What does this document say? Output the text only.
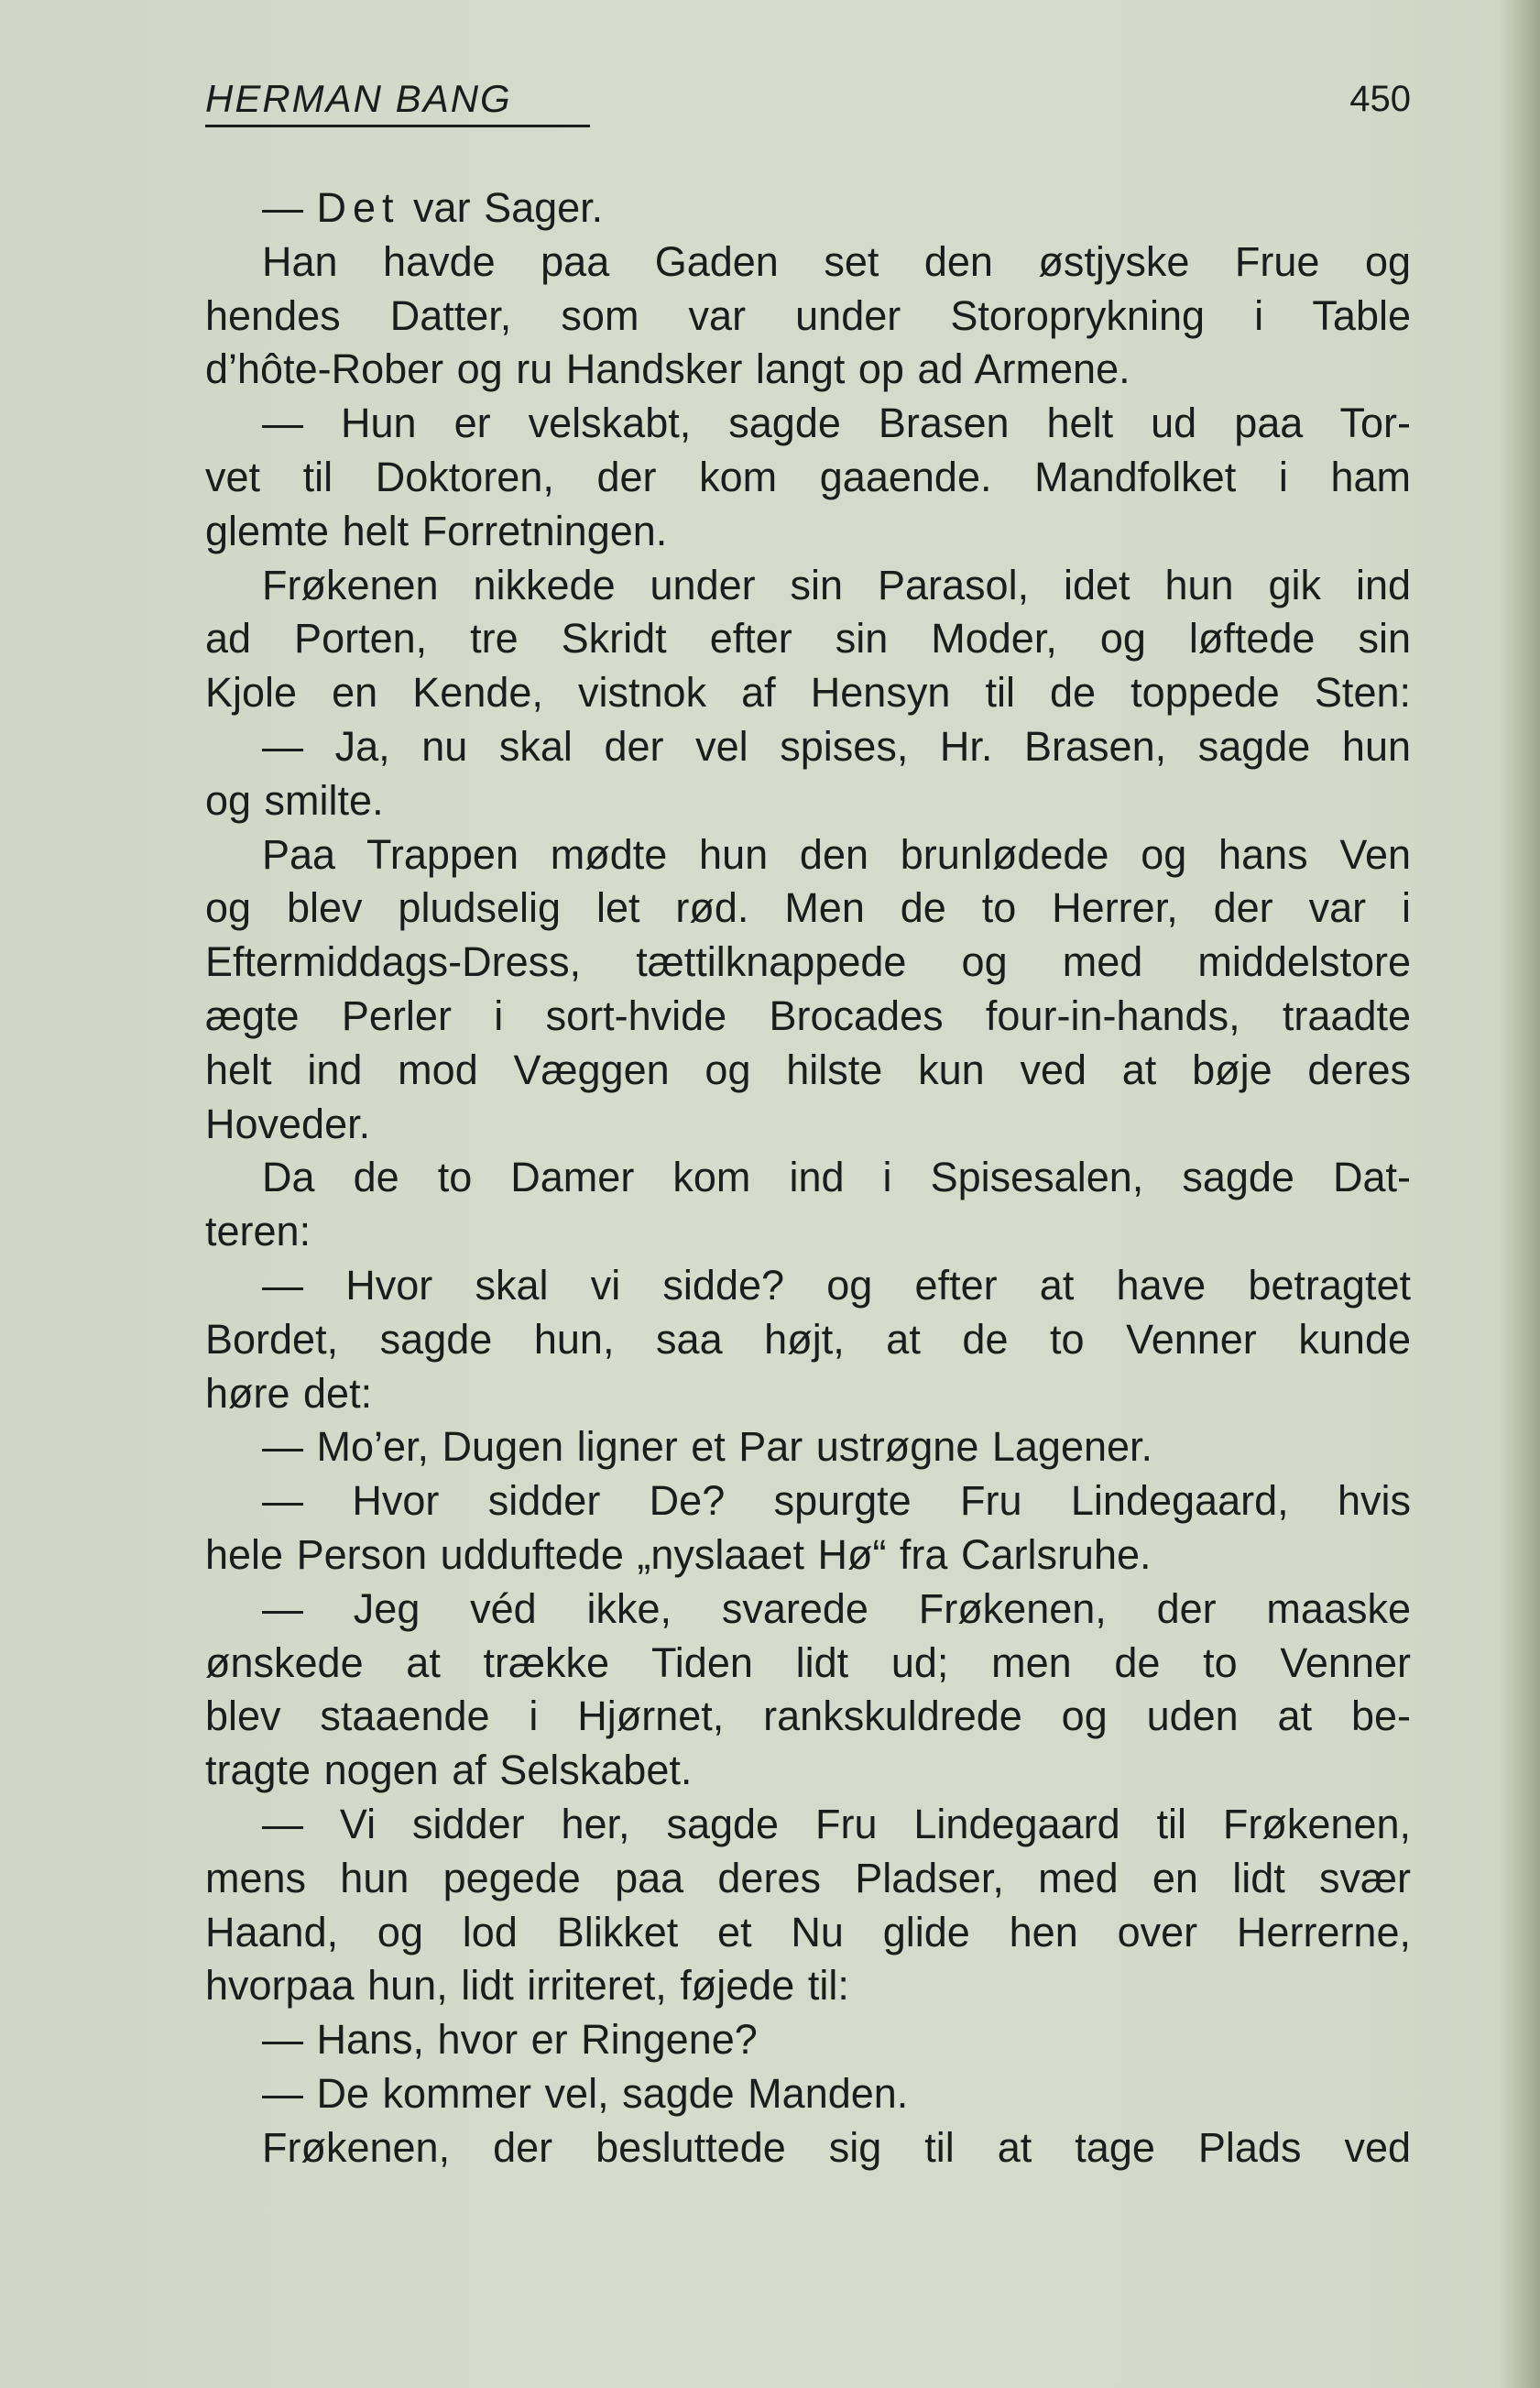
HERMAN BANG	450
— Det var Sager.
Han havde paa Gaden set den østjyske Frue og
hendes Datter, som var under Storoprykning i Table
d’hôte-Rober og ru Handsker langt op ad Armene.
— Hun er velskabt, sagde Brasen helt ud paa Tor-
vet til Doktoren, der kom gaaende. Mandfolket i ham
glemte helt Forretningen.
Frøkenen nikkede under sin Parasol, idet hun gik ind
ad Porten, tre Skridt efter sin Moder, og løftede sin
Kjole en Kende, vistnok af Hensyn til de toppede Sten:
— Ja, nu skal der vel spises, Hr. Brasen, sagde hun
og smilte.
Paa Trappen mødte hun den brunlødede og hans Ven
og blev pludselig let rød. Men de to Herrer, der var i
Eftermiddags-Dress, tættilknappede og med middelstore
ægte Perler i sort-hvide Brocades four-in-hands, traadte
helt ind mod Væggen og hilste kun ved at bøje deres
Hoveder.
Da de to Damer kom ind i Spisesalen, sagde Dat-
teren:
— Hvor skal vi sidde? og efter at have betragtet
Bordet, sagde hun, saa højt, at de to Venner kunde
høre det:
— Mo’er, Dugen ligner et Par ustrøgne Lagener.
— Hvor sidder De? spurgte Fru Lindegaard, hvis
hele Person udduftede „nyslaaet Hø“ fra Carlsruhe.
— Jeg véd ikke, svarede Frøkenen, der maaske
ønskede at trække Tiden lidt ud; men de to Venner
blev staaende i Hjørnet, rankskuldrede og uden at be-
tragte nogen af Selskabet.
— Vi sidder her, sagde Fru Lindegaard til Frøkenen,
mens hun pegede paa deres Pladser, med en lidt svær
Haand, og lod Blikket et Nu glide hen over Herrerne,
hvorpaa hun, lidt irriteret, føjede til:
— Hans, hvor er Ringene?
— De kommer vel, sagde Manden.
Frøkenen, der besluttede sig til at tage Plads ved
